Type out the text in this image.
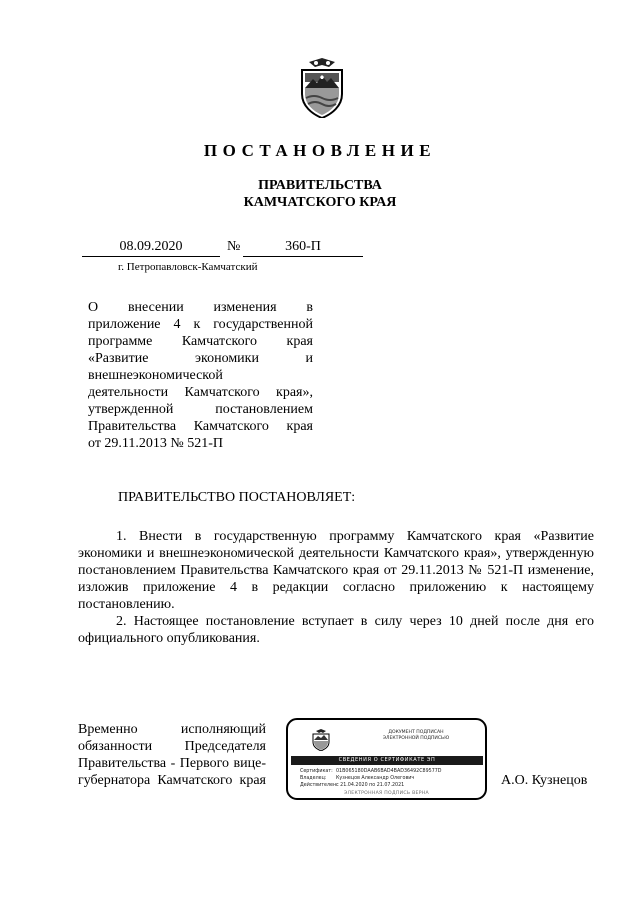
ПОСТАНОВЛЕНИЕ
ПРАВИТЕЛЬСТВА
КАМЧАТСКОГО КРАЯ
08.09.2020	№	360-П
г. Петропавловск-Камчатский
О внесении изменения в
приложение 4 к государственной
программе Камчатского края
«Развитие экономики и
внешнеэкономической
деятельности Камчатского края»,
утвержденной постановлением
Правительства Камчатского края
от 29.11.2013 № 521-П
ПРАВИТЕЛЬСТВО ПОСТАНОВЛЯЕТ:
1. Внести в государственную программу Камчатского края «Развитие экономики и внешнеэкономической деятельности Камчатского края», утвержденную постановлением Правительства Камчатского края от 29.11.2013 № 521-П изменение, изложив приложение 4 в редакции согласно приложению к настоящему постановлению.
2. Настоящее постановление вступает в силу через 10 дней после дня его официального опубликования.
Временно исполняющий
обязанности Председателя
Правительства - Первого вице-
губернатора Камчатского края
ДОКУМЕНТ ПОДПИСАН
ЭЛЕКТРОННОЙ ПОДПИСЬЮ
СВЕДЕНИЯ О СЕРТИФИКАТЕ ЭП
Сертификат: 01B065180DAAB6BAD4BAD36492C89577D
Владелец: Кузнецов Александр Олегович
Действителен:с 21.04.2020 по 21.07.2021
ЭЛЕКТРОННАЯ ПОДПИСЬ ВЕРНА
А.О. Кузнецов
